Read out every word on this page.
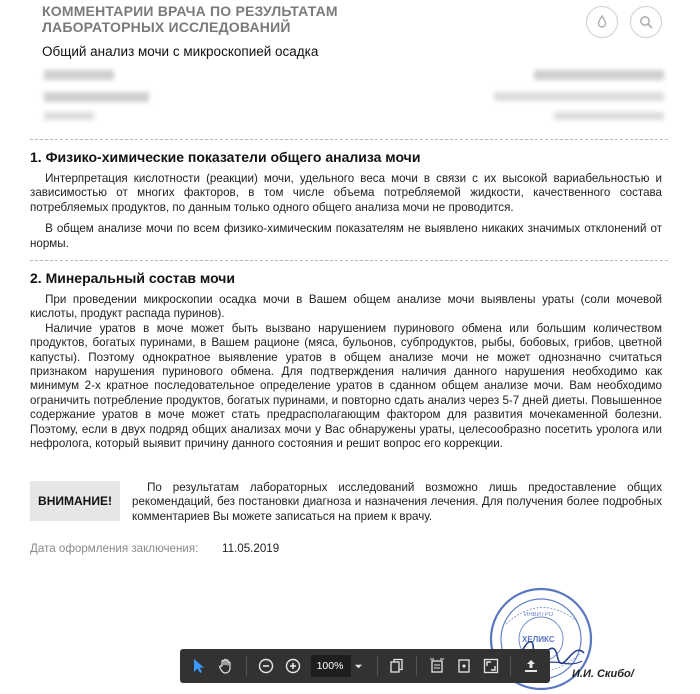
КОММЕНТАРИИ ВРАЧА ПО РЕЗУЛЬТАТАМ ЛАБОРАТОРНЫХ ИССЛЕДОВАНИЙ
Общий анализ мочи с микроскопией осадка
1. Физико-химические показатели общего анализа мочи

Интерпретация кислотности (реакции) мочи, удельного веса мочи в связи с их высокой вариабельностью и зависимостью от многих факторов, в том числе объема потребляемой жидкости, качественного состава потребляемых продуктов, по данным только одного общего анализа мочи не проводится.

В общем анализе мочи по всем физико-химическим показателям не выявлено никаких значимых отклонений от нормы.

2. Минеральный состав мочи

При проведении микроскопии осадка мочи в Вашем общем анализе мочи выявлены ураты (соли мочевой кислоты, продукт распада пуринов).

Наличие уратов в моче может быть вызвано нарушением пуринового обмена или большим количеством продуктов, богатых пуринами, в Вашем рационе (мяса, бульонов, субпродуктов, рыбы, бобовых, грибов, цветной капусты). Поэтому однократное выявление уратов в общем анализе мочи не может однозначно считаться признаком нарушения пуринового обмена. Для подтверждения наличия данного нарушения необходимо как минимум 2-х кратное последовательное определение уратов в сданном общем анализе мочи. Вам необходимо ограничить потребление продуктов, богатых пуринами, и повторно сдать анализ через 5-7 дней диеты. Повышенное содержание уратов в моче может стать предрасполагающим фактором для развития мочекаменной болезни. Поэтому, если в двух подряд общих анализах мочи у Вас обнаружены ураты, целесообразно посетить уролога или нефролога, который выявит причину данного состояния и решит вопрос его коррекции.

ВНИМАНИЕ!

По результатам лабораторных исследований возможно лишь предоставление общих рекомендаций, без постановки диагноза и назначения лечения. Для получения более подробных комментариев Вы можете записаться на прием к врачу.

Дата оформления заключения: 11.05.2019
ХЕЛИКС
ИНВИТРО
И.И. Скибо/
100%
